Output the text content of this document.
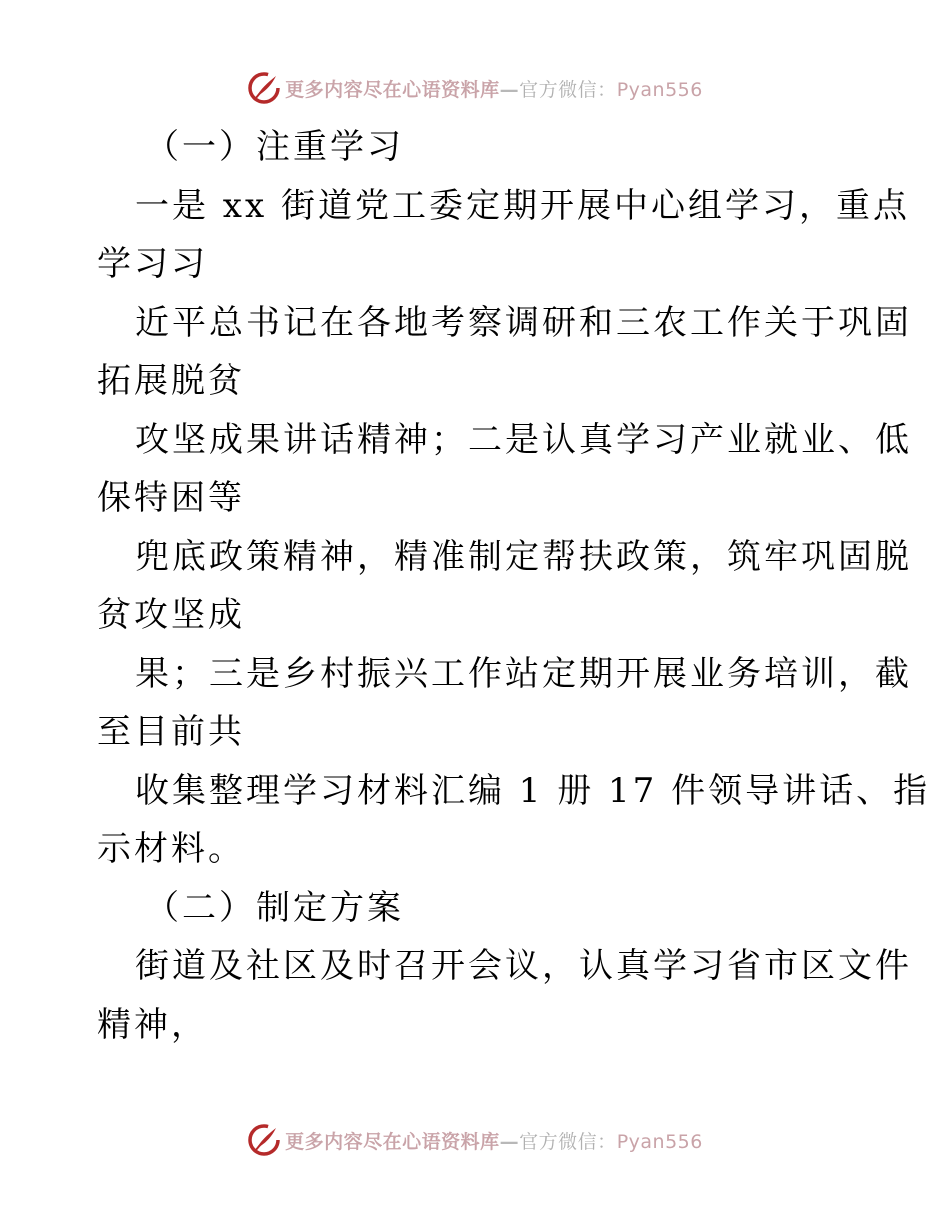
更多内容尽在心语资料库—官方微信：Pyan556
（一）注重学习
一是 xx 街道党工委定期开展中心组学习，重点
学习习
近平总书记在各地考察调研和三农工作关于巩固
拓展脱贫
攻坚成果讲话精神；二是认真学习产业就业、低
保特困等
兜底政策精神，精准制定帮扶政策，筑牢巩固脱
贫攻坚成
果；三是乡村振兴工作站定期开展业务培训，截
至目前共
收集整理学习材料汇编 1 册 17 件领导讲话、指
示材料。
（二）制定方案
街道及社区及时召开会议，认真学习省市区文件
精神，
更多内容尽在心语资料库—官方微信：Pyan556
